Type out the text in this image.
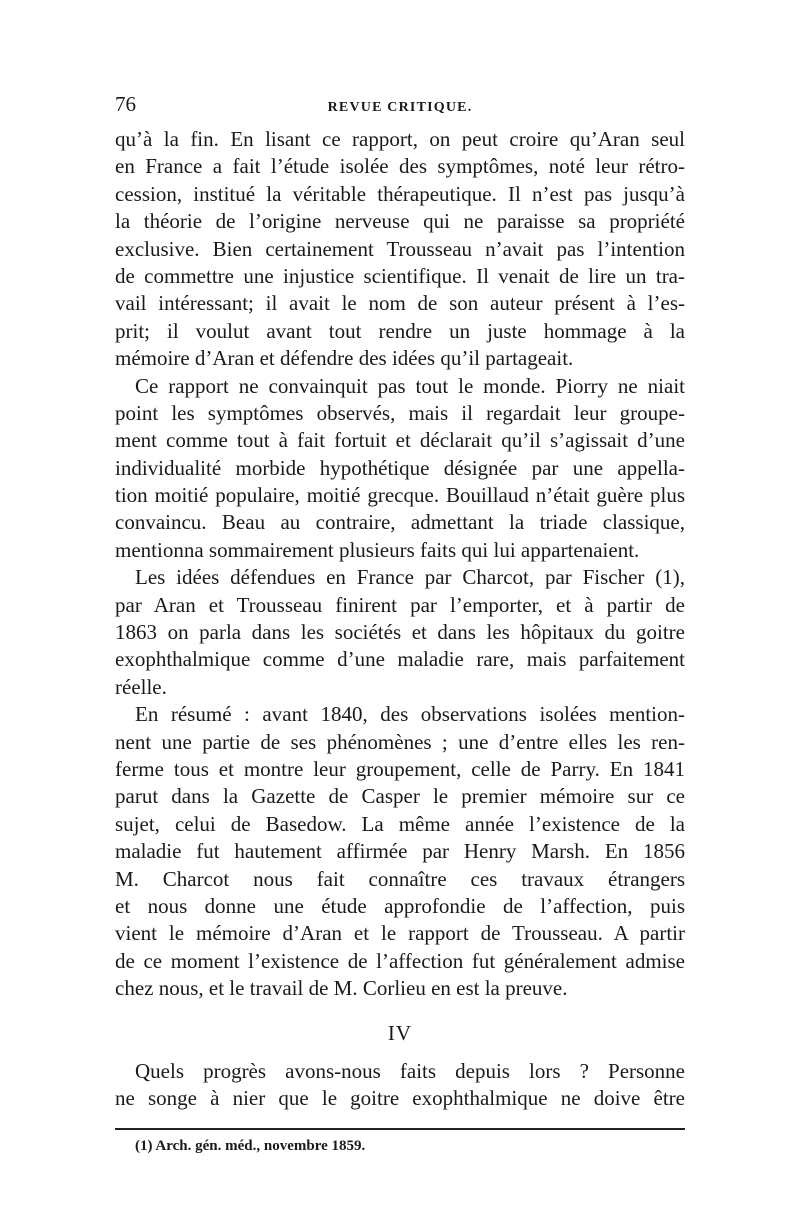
76	REVUE CRITIQUE.
qu’à la fin. En lisant ce rapport, on peut croire qu’Aran seul
en France a fait l’étude isolée des symptômes, noté leur rétro-
cession, institué la véritable thérapeutique. Il n’est pas jusqu’à
la théorie de l’origine nerveuse qui ne paraisse sa propriété
exclusive. Bien certainement Trousseau n’avait pas l’intention
de commettre une injustice scientifique. Il venait de lire un tra-
vail intéressant; il avait le nom de son auteur présent à l’es-
prit; il voulut avant tout rendre un juste hommage à la
mémoire d’Aran et défendre des idées qu’il partageait.
Ce rapport ne convainquit pas tout le monde. Piorry ne niait
point les symptômes observés, mais il regardait leur groupe-
ment comme tout à fait fortuit et déclarait qu’il s’agissait d’une
individualité morbide hypothétique désignée par une appella-
tion moitié populaire, moitié grecque. Bouillaud n’était guère plus
convaincu. Beau au contraire, admettant la triade classique,
mentionna sommairement plusieurs faits qui lui appartenaient.
Les idées défendues en France par Charcot, par Fischer (1),
par Aran et Trousseau finirent par l’emporter, et à partir de
1863 on parla dans les sociétés et dans les hôpitaux du goitre
exophthalmique comme d’une maladie rare, mais parfaitement
réelle.
En résumé : avant 1840, des observations isolées mention-
nent une partie de ses phénomènes ; une d’entre elles les ren-
ferme tous et montre leur groupement, celle de Parry. En 1841
parut dans la Gazette de Casper le premier mémoire sur ce
sujet, celui de Basedow. La même année l’existence de la
maladie fut hautement affirmée par Henry Marsh. En 1856
M. Charcot nous fait connaître ces travaux étrangers
et nous donne une étude approfondie de l’affection, puis
vient le mémoire d’Aran et le rapport de Trousseau. A partir
de ce moment l’existence de l’affection fut généralement admise
chez nous, et le travail de M. Corlieu en est la preuve.
IV
Quels progrès avons-nous faits depuis lors ? Personne
ne songe à nier que le goitre exophthalmique ne doive être
(1) Arch. gén. méd., novembre 1859.
